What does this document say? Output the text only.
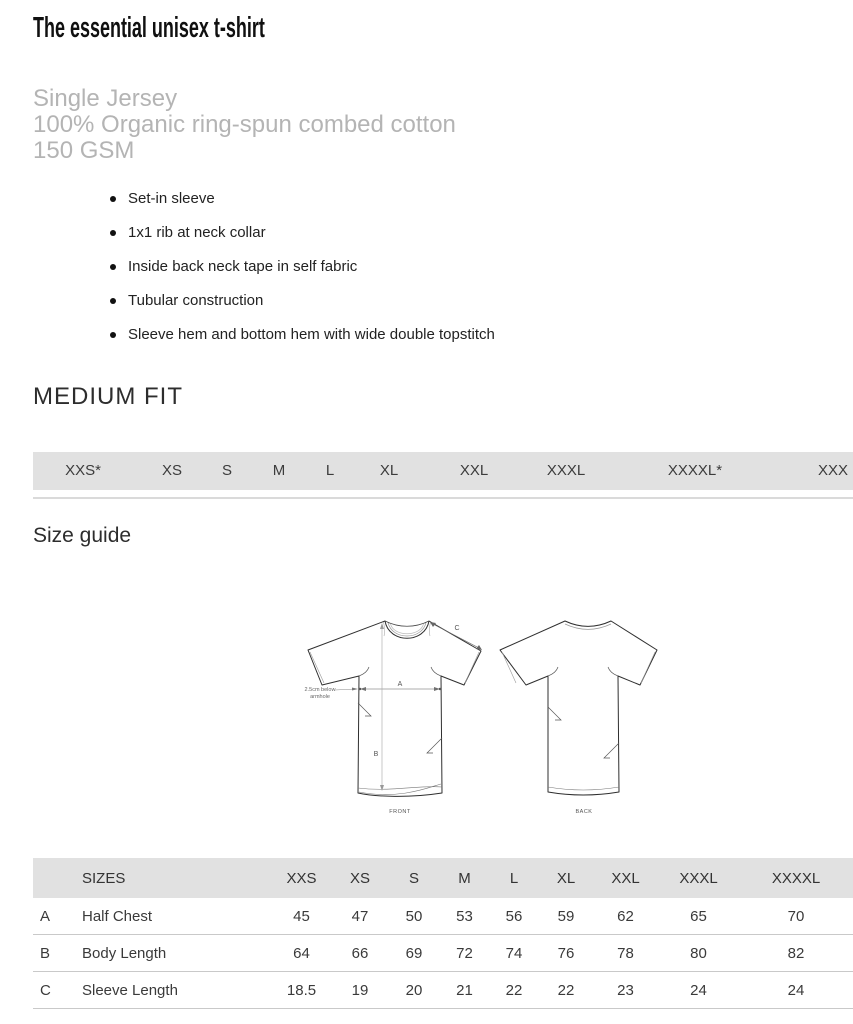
The essential unisex t-shirt
Single Jersey
100% Organic ring-spun combed cotton
150 GSM
Set-in sleeve
1x1 rib at neck collar
Inside back neck tape in self fabric
Tubular construction
Sleeve hem and bottom hem with wide double topstitch
MEDIUM FIT
XXS*	XS	S	M	L	XL	XXL	XXXL	XXXXL*	XXX
Size guide
A
B
C
2.5cm below
armhole
FRONT	BACK
SIZES	XXS	XS	S	M	L	XL	XXL	XXXL	XXXXL
A	Half Chest	45	47	50	53	56	59	62	65	70
B	Body Length	64	66	69	72	74	76	78	80	82
C	Sleeve Length	18.5	19	20	21	22	22	23	24	24
